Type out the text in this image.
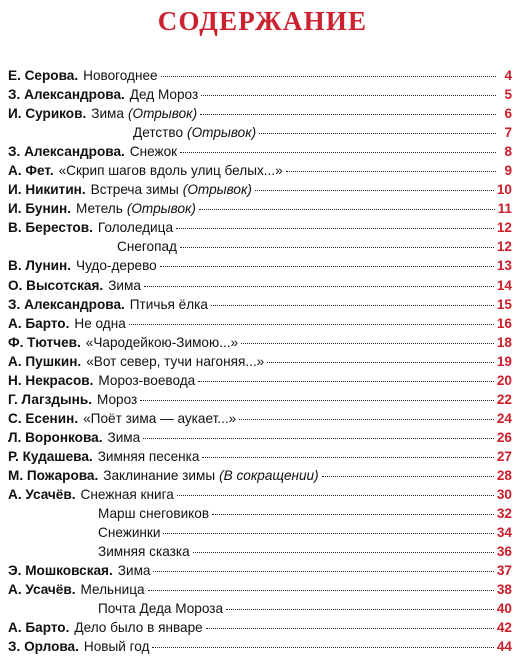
СОДЕРЖАНИЕ
Е. Серова. Новогоднее	4
З. Александрова. Дед Мороз	5
И. Суриков. Зима (Отрывок)	6
Детство (Отрывок)	7
З. Александрова. Снежок	8
А. Фет. «Скрип шагов вдоль улиц белых...»	9
И. Никитин. Встреча зимы (Отрывок)	10
И. Бунин. Метель (Отрывок)	11
В. Берестов. Гололедица	12
Снегопад	12
В. Лунин. Чудо-дерево	13
О. Высотская. Зима	14
З. Александрова. Птичья ёлка	15
А. Барто. Не одна	16
Ф. Тютчев. «Чародейкою-Зимою...»	18
А. Пушкин. «Вот север, тучи нагоняя...»	19
Н. Некрасов. Мороз-воевода	20
Г. Лагздынь. Мороз	22
С. Есенин. «Поёт зима — аукает...»	24
Л. Воронкова. Зима	26
Р. Кудашева. Зимняя песенка	27
М. Пожарова. Заклинание зимы (В сокращении)	28
А. Усачёв. Снежная книга	30
Марш снеговиков	32
Снежинки	34
Зимняя сказка	36
Э. Мошковская. Зима	37
А. Усачёв. Мельница	38
Почта Деда Мороза	40
А. Барто. Дело было в январе	42
З. Орлова. Новый год	44
